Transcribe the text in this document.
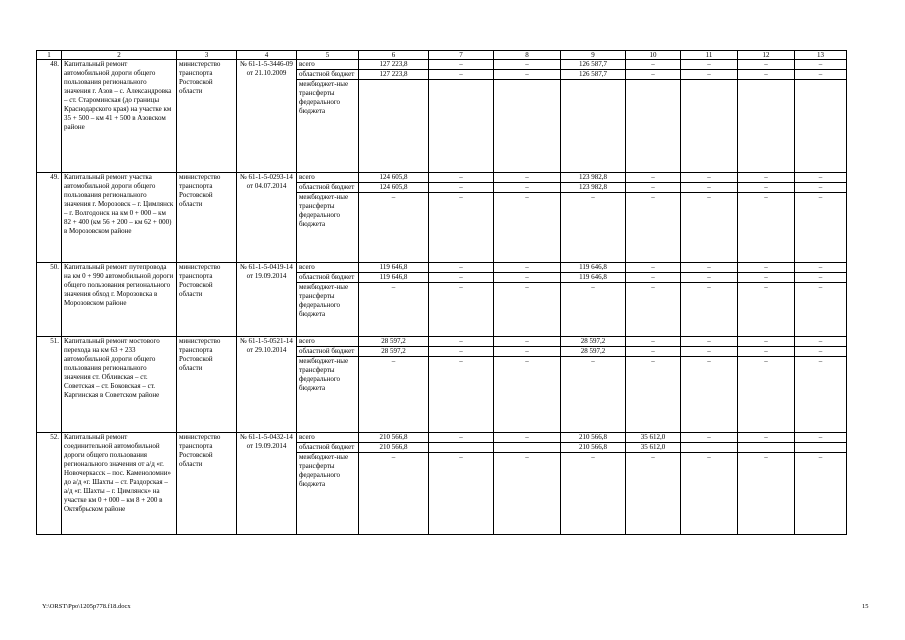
1	2	3	4	5	6	7	8	9	10	11	12	13
48.	Капитальный ремонт автомобильной дороги общего пользования регионального значения г. Азов – с. Александровка – ст. Староминская (до границы Краснодарского края) на участке км 35 + 500 – км 41 + 500 в Азовском районе	министерство транспорта Ростовской области	№ 61-1-5-3446-09 от 21.10.2009	всего	127 223,8	–	–	126 587,7	–	–	–	–
				областной бюджет	127 223,8	–	–	126 587,7	–	–	–	–
				межбюджет-ные трансферты федерального бюджета								
49.	Капитальный ремонт участка автомобильной дороги общего пользования регионального значения г. Морозовск – г. Цимлянск – г. Волгодонск на км 0 + 000 – км 82 + 400 (км 56 + 200 – км 62 + 000) в Морозовском районе	министерство транспорта Ростовской области	№ 61-1-5-0293-14 от 04.07.2014	всего	124 605,8	–	–	123 982,8	–	–	–	–
				областной бюджет	124 605,8	–	–	123 982,8	–	–	–	–
				межбюджет-ные трансферты федерального бюджета	–	–	–	–	–	–	–	–
50.	Капитальный ремонт путепровода на км 0 + 990 автомобильной дороги общего пользования регионального значения обход г. Морозовска в Морозовском районе	министерство транспорта Ростовской области	№ 61-1-5-0419-14 от 19.09.2014	всего	119 646,8	–	–	119 646,8	–	–	–	–
				областной бюджет	119 646,8	–	–	119 646,8	–	–	–	–
				межбюджет-ные трансферты федерального бюджета	–	–	–	–	–	–	–	–
51.	Капитальный ремонт мостового перехода на км 63 + 233 автомобильной дороги общего пользования регионального значения ст. Обливская – ст. Советская – ст. Боковская – ст. Каргинская в Советском районе	министерство транспорта Ростовской области	№ 61-1-5-0521-14 от 29.10.2014	всего	28 597,2	–	–	28 597,2	–	–	–	–
				областной бюджет	28 597,2	–	–	28 597,2	–	–	–	–
				межбюджет-ные трансферты федерального бюджета	–	–	–	–	–	–	–	–
52.	Капитальный ремонт соединительной автомобильной дороги общего пользования регионального значения от а/д «г. Новочеркасск – пос. Каменоломни» до а/д «г. Шахты – ст. Раздорская – а/д «г. Шахты – г. Цимлянск» на участке км 0 + 000 – км 8 + 200 в Октябрьском районе	министерство транспорта Ростовской области	№ 61-1-5-0432-14 от 19.09.2014	всего	210 566,8	–	–	210 566,8	35 612,0	–	–	–
				областной бюджет	210 566,8			210 566,8	35 612,0			
				межбюджет-ные трансферты федерального бюджета	–	–	–	–	–	–	–	–
Y:\ORST\Ppo\1205p778.f18.docx	15
